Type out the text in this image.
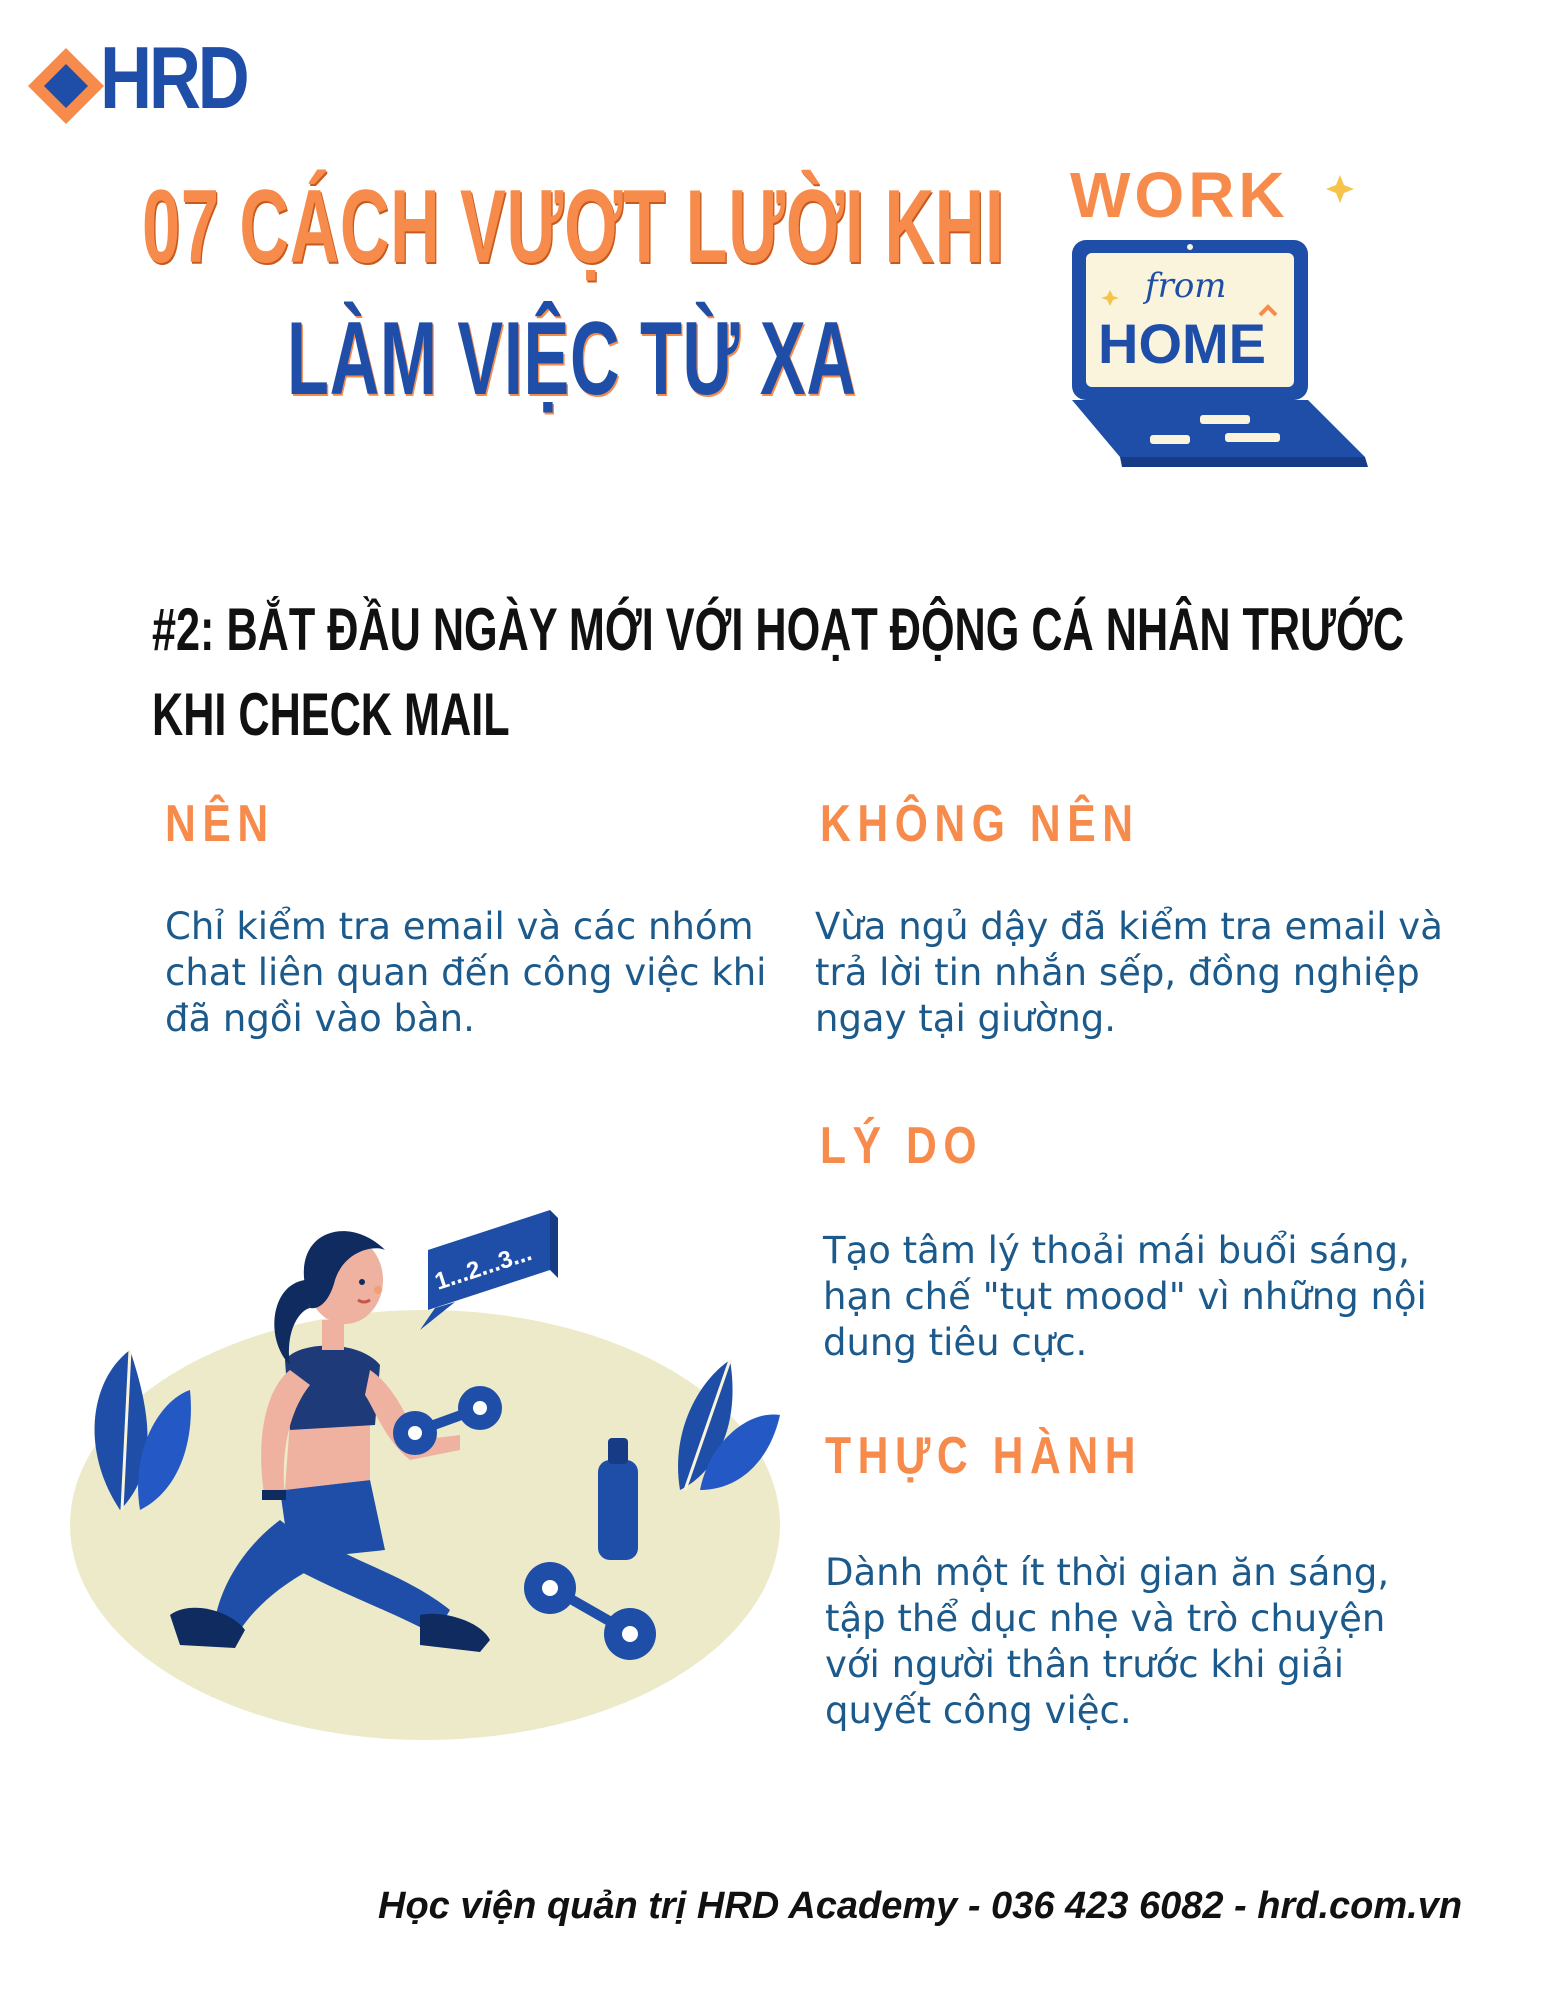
HRD
07 CÁCH VƯỢT LƯỜI KHI
LÀM VIỆC TỪ XA
WORK
from
HOME
#2: BẮT ĐẦU NGÀY MỚI VỚI HOẠT ĐỘNG CÁ NHÂN TRƯỚC
KHI CHECK MAIL
NÊN
Chỉ kiểm tra email và các nhóm chat liên quan đến công việc khi đã ngồi vào bàn.
KHÔNG NÊN
Vừa ngủ dậy đã kiểm tra email và trả lời tin nhắn sếp, đồng nghiệp ngay tại giường.
LÝ DO
Tạo tâm lý thoải mái buổi sáng, hạn chế "tụt mood" vì những nội dung tiêu cực.
THỰC HÀNH
Dành một ít thời gian ăn sáng, tập thể dục nhẹ và trò chuyện với người thân trước khi giải quyết công việc.
1...2...3...
Học viện quản trị HRD Academy - 036 423 6082 - hrd.com.vn
